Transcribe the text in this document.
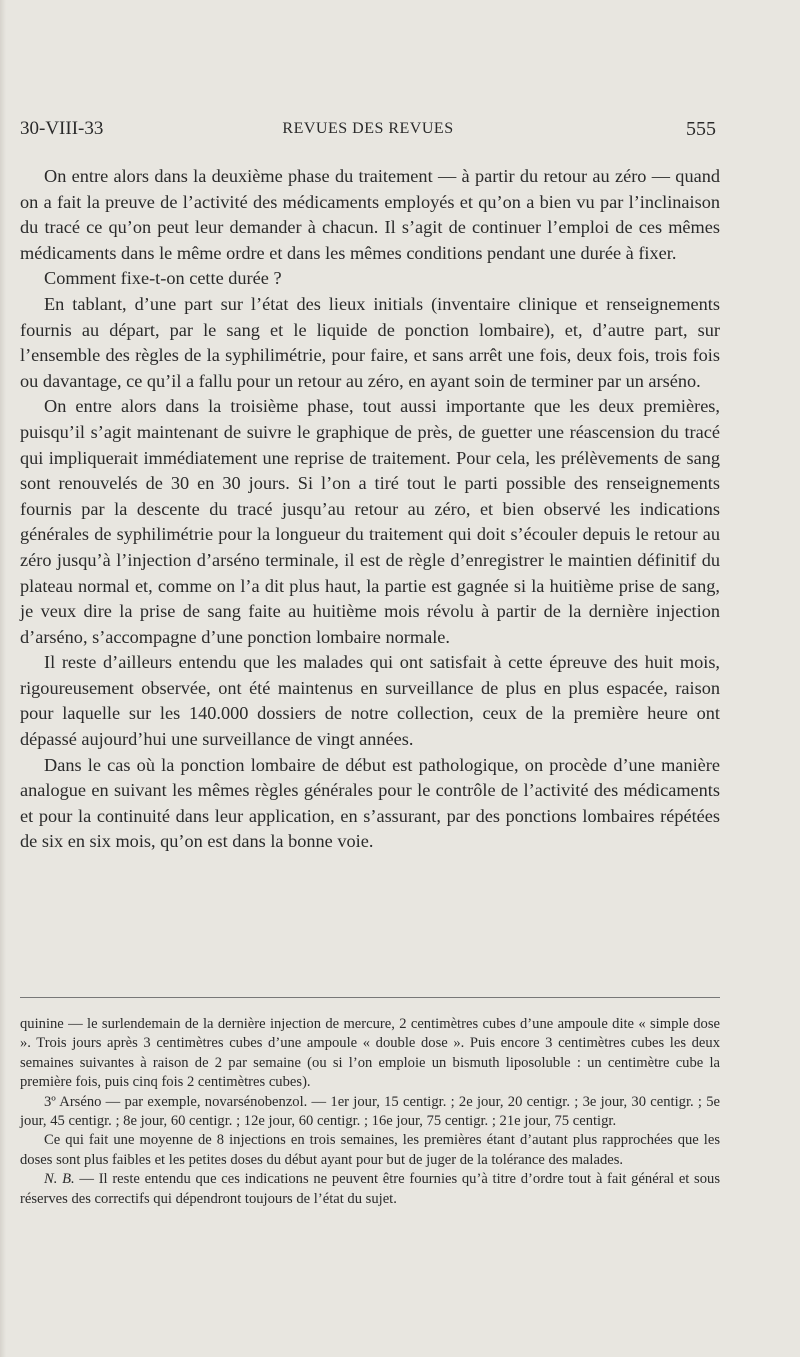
30-VIII-33	REVUES DES REVUES	555

On entre alors dans la deuxième phase du traitement — à partir du retour au zéro — quand on a fait la preuve de l’activité des médicaments employés et qu’on a bien vu par l’inclinaison du tracé ce qu’on peut leur demander à chacun. Il s’agit de continuer l’emploi de ces mêmes médicaments dans le même ordre et dans les mêmes conditions pendant une durée à fixer.

Comment fixe-t-on cette durée ?

En tablant, d’une part sur l’état des lieux initials (inventaire clinique et renseignements fournis au départ, par le sang et le liquide de ponction lombaire), et, d’autre part, sur l’ensemble des règles de la syphilimétrie, pour faire, et sans arrêt une fois, deux fois, trois fois ou davantage, ce qu’il a fallu pour un retour au zéro, en ayant soin de terminer par un arséno.

On entre alors dans la troisième phase, tout aussi importante que les deux premières, puisqu’il s’agit maintenant de suivre le graphique de près, de guetter une réascension du tracé qui impliquerait immédiatement une reprise de traitement. Pour cela, les prélèvements de sang sont renouvelés de 30 en 30 jours. Si l’on a tiré tout le parti possible des renseignements fournis par la descente du tracé jusqu’au retour au zéro, et bien observé les indications générales de syphilimétrie pour la longueur du traitement qui doit s’écouler depuis le retour au zéro jusqu’à l’injection d’arséno terminale, il est de règle d’enregistrer le maintien définitif du plateau normal et, comme on l’a dit plus haut, la partie est gagnée si la huitième prise de sang, je veux dire la prise de sang faite au huitième mois révolu à partir de la dernière injection d’arséno, s’accompagne d’une ponction lombaire normale.

Il reste d’ailleurs entendu que les malades qui ont satisfait à cette épreuve des huit mois, rigoureusement observée, ont été maintenus en surveillance de plus en plus espacée, raison pour laquelle sur les 140.000 dossiers de notre collection, ceux de la première heure ont dépassé aujourd’hui une surveillance de vingt années.

Dans le cas où la ponction lombaire de début est pathologique, on procède d’une manière analogue en suivant les mêmes règles générales pour le contrôle de l’activité des médicaments et pour la continuité dans leur application, en s’assurant, par des ponctions lombaires répétées de six en six mois, qu’on est dans la bonne voie.

quinine — le surlendemain de la dernière injection de mercure, 2 centimètres cubes d’une ampoule dite « simple dose ». Trois jours après 3 centimètres cubes d’une ampoule « double dose ». Puis encore 3 centimètres cubes les deux semaines suivantes à raison de 2 par semaine (ou si l’on emploie un bismuth liposoluble : un centimètre cube la première fois, puis cinq fois 2 centimètres cubes).

3º Arséno — par exemple, novarsénobenzol. — 1er jour, 15 centigr. ; 2e jour, 20 centigr. ; 3e jour, 30 centigr. ; 5e jour, 45 centigr. ; 8e jour, 60 centigr. ; 12e jour, 60 centigr. ; 16e jour, 75 centigr. ; 21e jour, 75 centigr.

Ce qui fait une moyenne de 8 injections en trois semaines, les premières étant d’autant plus rapprochées que les doses sont plus faibles et les petites doses du début ayant pour but de juger de la tolérance des malades.

N. B. — Il reste entendu que ces indications ne peuvent être fournies qu’à titre d’ordre tout à fait général et sous réserves des correctifs qui dépendront toujours de l’état du sujet.
